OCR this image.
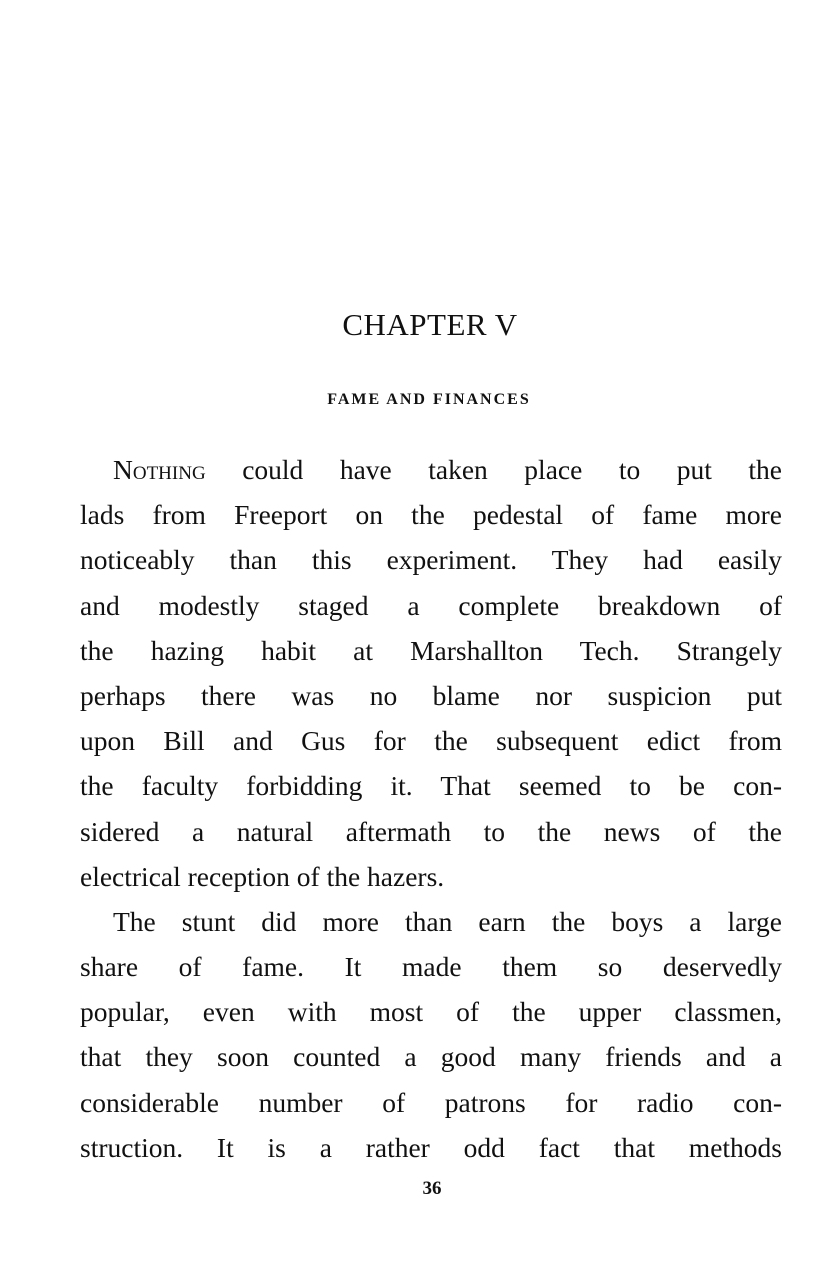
CHAPTER V
FAME AND FINANCES
Nothing could have taken place to put the
lads from Freeport on the pedestal of fame more
noticeably than this experiment. They had easily
and modestly staged a complete breakdown of
the hazing habit at Marshallton Tech. Strangely
perhaps there was no blame nor suspicion put
upon Bill and Gus for the subsequent edict from
the faculty forbidding it. That seemed to be con-
sidered a natural aftermath to the news of the
electrical reception of the hazers.
The stunt did more than earn the boys a large
share of fame. It made them so deservedly
popular, even with most of the upper classmen,
that they soon counted a good many friends and a
considerable number of patrons for radio con-
struction. It is a rather odd fact that methods
36
